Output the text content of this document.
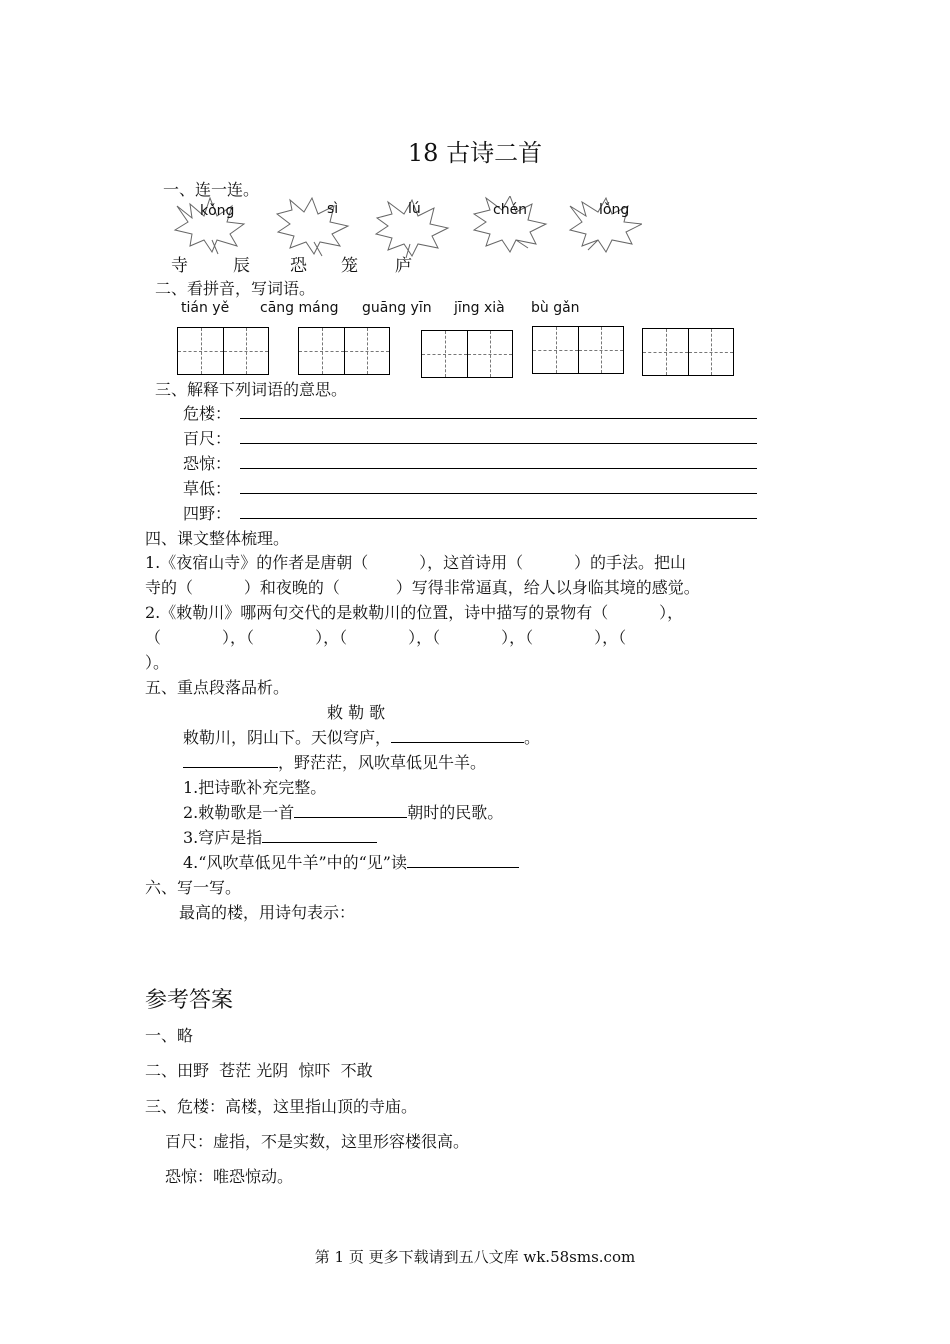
18 古诗二首
一、连一连。
kǒng	sì	lú	chén	lǒng
寺	辰 恐 笼 庐
二、看拼音，写词语。
tián yě cāng máng guāng yīn jīng xià bù gǎn
三、解释下列词语的意思。
危楼：
百尺：
恐惊：
草低：
四野：
四、课文整体梳理。
1.《夜宿山寺》的作者是唐朝（          ），这首诗用（          ）的手法。把山
寺的（          ）和夜晚的（           ）写得非常逼真，给人以身临其境的感觉。
2.《敕勒川》哪两句交代的是敕勒川的位置，诗中描写的景物有（          ），
（            ），（            ），（            ），（            ），（            ），（
）。
五、重点段落品析。
敕 勒 歌
敕勒川，阴山下。天似穹庐，	。
，野茫茫，风吹草低见牛羊。
1.把诗歌补充完整。
2.敕勒歌是一首	朝时的民歌。
3.穹庐是指
4.“风吹草低见牛羊”中的“见”读
六、写一写。
最高的楼，用诗句表示：
参考答案
一、略
二、田野  苍茫 光阴  惊吓  不敢
三、危楼：高楼，这里指山顶的寺庙。
百尺：虚指，不是实数，这里形容楼很高。
恐惊：唯恐惊动。
第 1 页 更多下载请到五八文库 wk.58sms.com
